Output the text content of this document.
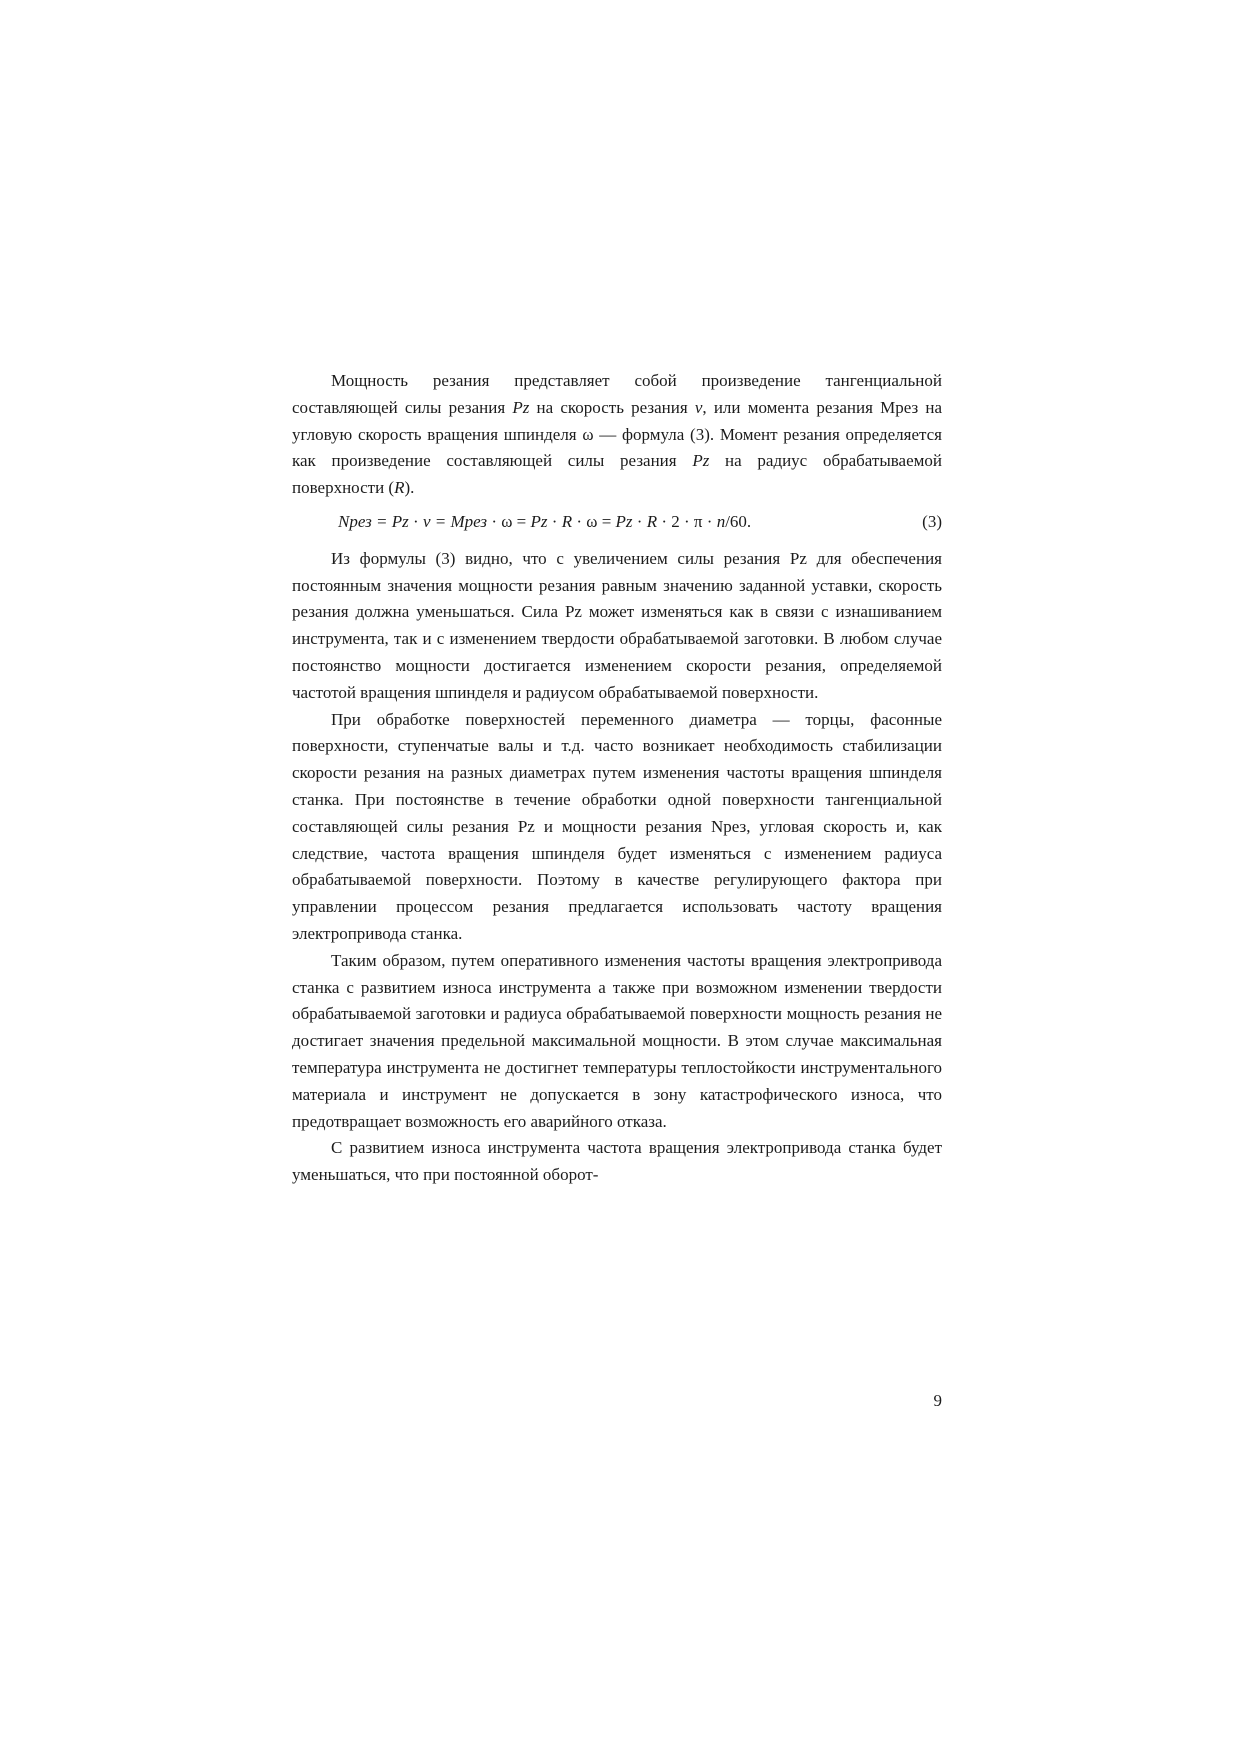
Мощность резания представляет собой произведение тангенциальной составляющей силы резания Pz на скорость резания v, или момента резания Мрез на угловую скорость вращения шпинделя ω — формула (3). Момент резания определяется как произведение составляющей силы резания Pz на радиус обрабатываемой поверхности (R).

Nрез = Pz · v = Mрез · ω = Pz · R · ω = Pz · R · 2 · π · n/60.	(3)

Из формулы (3) видно, что с увеличением силы резания Pz для обеспечения постоянным значения мощности резания равным значению заданной уставки, скорость резания должна уменьшаться. Сила Pz может изменяться как в связи с изнашиванием инструмента, так и с изменением твердости обрабатываемой заготовки. В любом случае постоянство мощности достигается изменением скорости резания, определяемой частотой вращения шпинделя и радиусом обрабатываемой поверхности.

При обработке поверхностей переменного диаметра — торцы, фасонные поверхности, ступенчатые валы и т.д. часто возникает необходимость стабилизации скорости резания на разных диаметрах путем изменения частоты вращения шпинделя станка. При постоянстве в течение обработки одной поверхности тангенциальной составляющей силы резания Pz и мощности резания Nрез, угловая скорость и, как следствие, частота вращения шпинделя будет изменяться с изменением радиуса обрабатываемой поверхности. Поэтому в качестве регулирующего фактора при управлении процессом резания предлагается использовать частоту вращения электропривода станка.

Таким образом, путем оперативного изменения частоты вращения электропривода станка с развитием износа инструмента а также при возможном изменении твердости обрабатываемой заготовки и радиуса обрабатываемой поверхности мощность резания не достигает значения предельной максимальной мощности. В этом случае максимальная температура инструмента не достигнет температуры теплостойкости инструментального материала и инструмент не допускается в зону катастрофического износа, что предотвращает возможность его аварийного отказа.

С развитием износа инструмента частота вращения электропривода станка будет уменьшаться, что при постоянной оборот-

9
